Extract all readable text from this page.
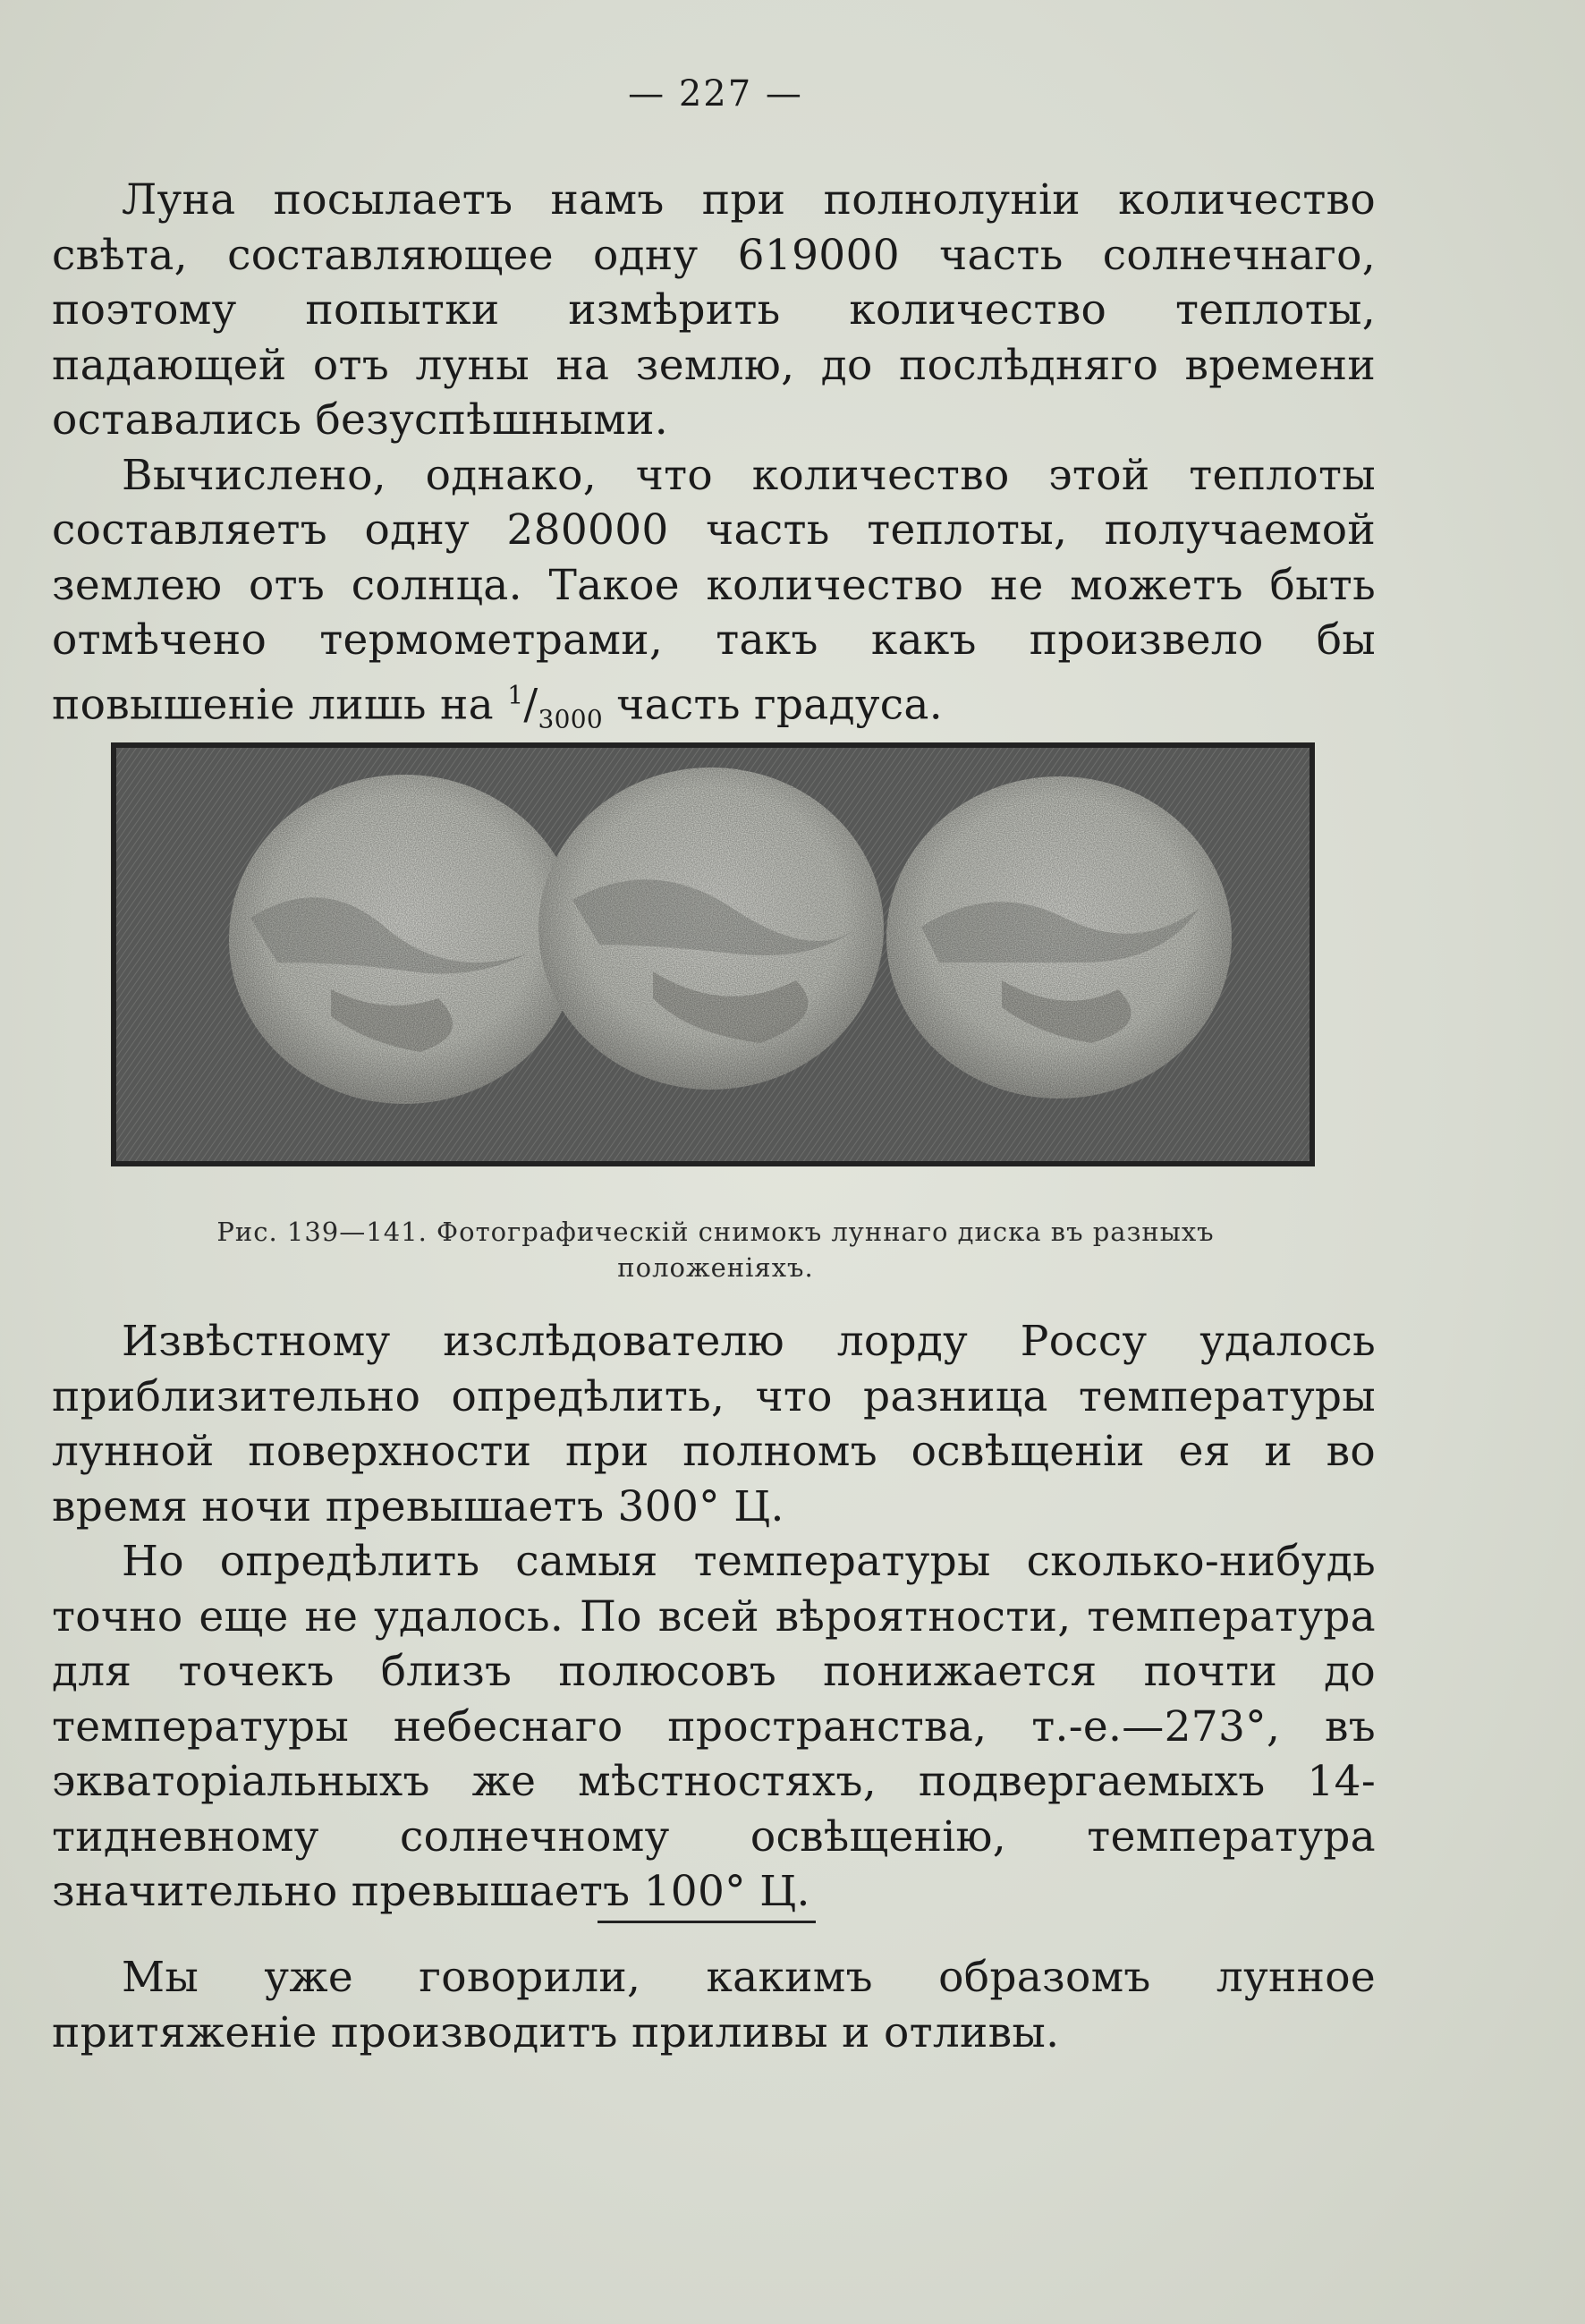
— 227 —

Луна посылаетъ намъ при полнолуніи количество свѣта, составляющее одну 619000 часть солнечнаго, поэтому попытки измѣрить количество теплоты, падающей отъ луны на землю, до послѣдняго времени оставались безуспѣшными.

Вычислено, однако, что количество этой теплоты составляетъ одну 280000 часть теплоты, получаемой землею отъ солнца. Такое количество не можетъ быть отмѣчено термометрами, такъ какъ произвело бы повышеніе лишь на $^1/_{3000}$ часть градуса.

Рис. 139—141. Фотографическій снимокъ луннаго диска въ разныхъ
положеніяхъ.

Извѣстному изслѣдователю лорду Россу удалось приблизительно опредѣлить, что разница температуры лунной поверхности при полномъ освѣщеніи ея и во время ночи превышаетъ 300° Ц.

Но опредѣлить самыя температуры сколько-нибудь точно еще не удалось. По всей вѣроятности, температура для точекъ близъ полюсовъ понижается почти до температуры небеснаго пространства, т.-е.—273°, въ экваторіальныхъ же мѣстностяхъ, подвергаемыхъ 14-тидневному солнечному освѣщенію, температура значительно превышаетъ 100° Ц.

Мы уже говорили, какимъ образомъ лунное притяженіе производитъ приливы и отливы.
